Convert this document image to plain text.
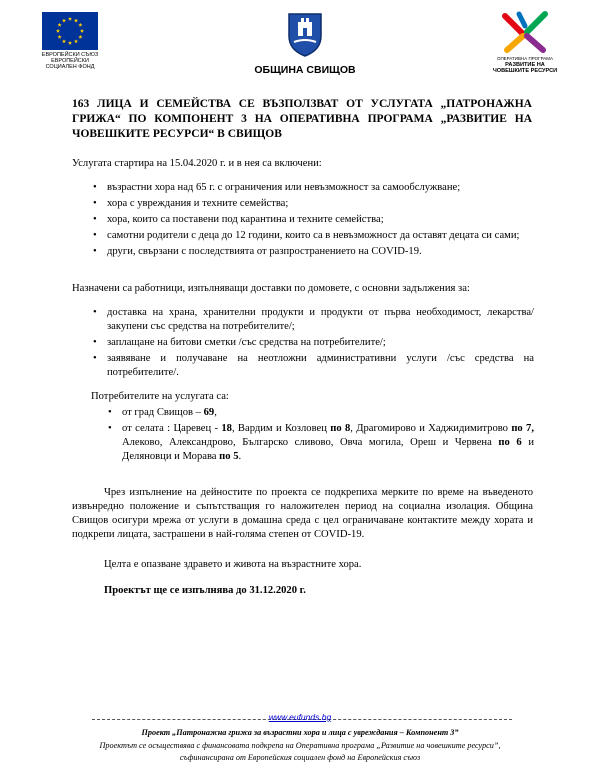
ЕВРОПЕЙСКИ СЪЮЗ
ЕВРОПЕЙСКИ
СОЦИАЛЕН ФОНД	ОБЩИНА СВИЩОВ
ОПЕРАТИВНА ПРОГРАМА
РАЗВИТИЕ НА
ЧОВЕШКИТЕ РЕСУРСИ
163 ЛИЦА И СЕМЕЙСТВА СЕ ВЪЗПОЛЗВАТ ОТ УСЛУГАТА „ПАТРОНАЖНА ГРИЖА“ ПО КОМПОНЕНТ 3 НА ОПЕРАТИВНА ПРОГРАМА „РАЗВИТИЕ НА ЧОВЕШКИТЕ РЕСУРСИ“ В СВИЩОВ
Услугата стартира на 15.04.2020 г. и в нея са включени:
• възрастни хора над 65 г. с ограничения или невъзможност за самообслужване;
• хора с увреждания и техните семейства;
• хора, които са поставени под карантина и техните семейства;
• самотни родители с деца до 12 години, които са в невъзможност да оставят децата си сами;
• други, свързани с последствията от разпространението на COVID-19.
Назначени са работници, изпълняващи доставки по домовете, с основни задължения за:
• доставка на храна, хранителни продукти и продукти от първа необходимост, лекарства/ закупени със средства на потребителите/;
• заплащане на битови сметки /със средства на потребителите/;
• заявяване и получаване на неотложни административни услуги /със средства на потребителите/.
Потребителите на услугата са:
• от град Свищов – 69,
• от селата : Царевец - 18, Вардим и Козловец по 8, Драгомирово и Хаджидимитрово по 7, Алеково, Александрово, Българско сливово, Овча могила, Ореш и Червена по 6 и Деляновци и Морава по 5.
Чрез изпълнение на дейностите по проекта се подкрепиха мерките по време на въведеното извънредно положение и съпътстващия го наложителен период на социална изолация. Община Свищов осигури мрежа от услуги в домашна среда с цел ограничаване контактите между хората и подкрепи лицата, застрашени в най-голяма степен от COVID-19.
Целта е опазване здравето и живота на възрастните хора.
Проектът ще се изпълнява до 31.12.2020 г.
www.eufunds.bg
Проект „Патронажна грижа за възрастни хора и лица с увреждания – Компонент 3”
Проектът се осъществява с финансовата подкрепа на Оперативна програма „Развитие на човешките ресурси”,
съфинансирана от Европейския социален фонд на Европейския съюз
